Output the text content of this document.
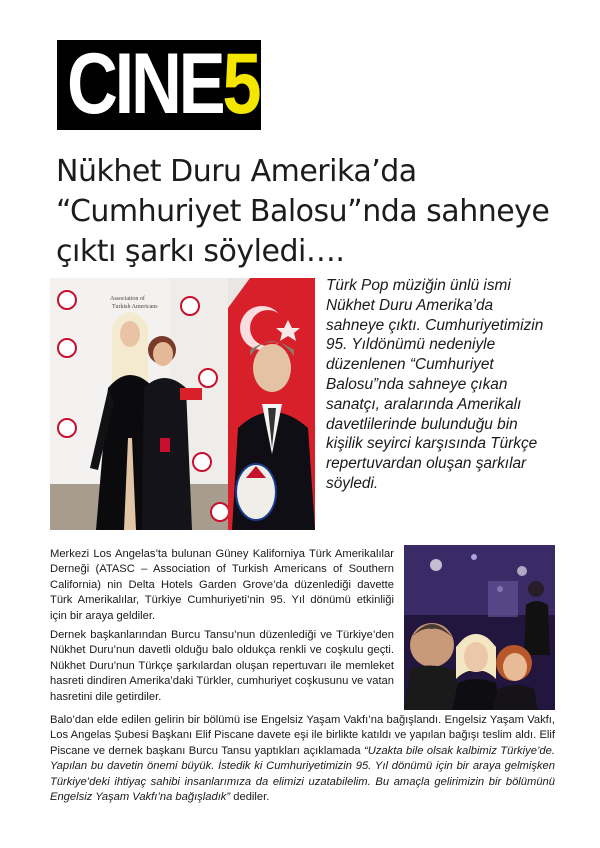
CINE5
Nükhet Duru Amerika’da “Cumhuriyet Balosu”nda sahneye çıktı şarkı söyledi….
Association of
Turkish Americans

Türk Pop müziğin ünlü ismi Nükhet Duru Amerika’da sahneye çıktı. Cumhuriyetimizin 95. Yıldönümü nedeniyle düzenlenen “Cumhuriyet Balosu”nda sahneye çıkan sanatçı, aralarında Amerikalı davetlilerinde bulunduğu bin kişilik seyirci karşısında Türkçe repertuvardan oluşan şarkılar söyledi.

Merkezi Los Angelas’ta bulunan Güney Kaliforniya Türk Amerikalılar Derneği (ATASC – Association of Turkish Americans of Southern California) nin Delta Hotels Garden Grove’da düzenlediği davette Türk Amerikalılar, Türkiye Cumhuriyeti’nin 95. Yıl dönümü etkinliği için bir araya geldiler.

Dernek başkanlarından Burcu Tansu’nun düzenlediği ve Türkiye’den Nükhet Duru’nun davetli olduğu balo oldukça renkli ve coşkulu geçti. Nükhet Duru’nun Türkçe şarkılardan oluşan repertuvarı ile memleket hasreti dindiren Amerika’daki Türkler, cumhuriyet coşkusunu ve vatan hasretini dile getirdiler.

Balo’dan elde edilen gelirin bir bölümü ise Engelsiz Yaşam Vakfı’na bağışlandı. Engelsiz Yaşam Vakfı, Los Angelas Şubesi Başkanı Elif Piscane davete eşi ile birlikte katıldı ve yapılan bağışı teslim aldı. Elif Piscane ve dernek başkanı Burcu Tansu yaptıkları açıklamada “Uzakta bile olsak kalbimiz Türkiye’de. Yapılan bu davetin önemi büyük. İstedik ki Cumhuriyetimizin 95. Yıl dönümü için bir araya gelmişken Türkiye’deki ihtiyaç sahibi insanlarımıza da elimizi uzatabilelim. Bu amaçla gelirimizin bir bölümünü Engelsiz Yaşam Vakfı’na bağışladık” dediler.
